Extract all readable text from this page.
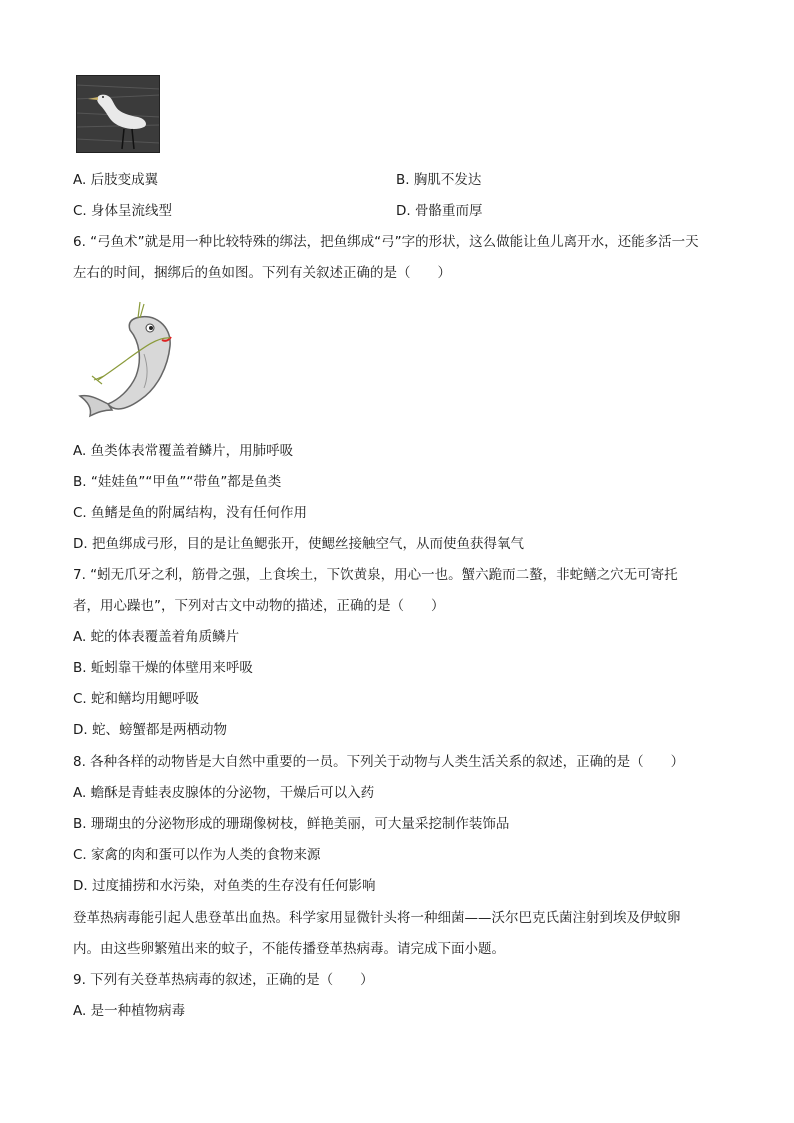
A. 后肢变成翼	B. 胸肌不发达
C. 身体呈流线型	D. 骨骼重而厚
6. “弓鱼术”就是用一种比较特殊的绑法，把鱼绑成“弓”字的形状，这么做能让鱼儿离开水，还能多活一天
左右的时间，捆绑后的鱼如图。下列有关叙述正确的是（　　）
A. 鱼类体表常覆盖着鳞片，用肺呼吸
B. “娃娃鱼”“甲鱼”“带鱼”都是鱼类
C. 鱼鳍是鱼的附属结构，没有任何作用
D. 把鱼绑成弓形，目的是让鱼鳃张开，使鳃丝接触空气，从而使鱼获得氧气
7. “蚓无爪牙之利，筋骨之强，上食埃土，下饮黄泉，用心一也。蟹六跪而二螯，非蛇鳝之穴无可寄托
者，用心躁也”，下列对古文中动物的描述，正确的是（　　）
A. 蛇的体表覆盖着角质鳞片
B. 蚯蚓靠干燥的体壁用来呼吸
C. 蛇和鳝均用鳃呼吸
D. 蛇、螃蟹都是两栖动物
8. 各种各样的动物皆是大自然中重要的一员。下列关于动物与人类生活关系的叙述，正确的是（　　）
A. 蟾酥是青蛙表皮腺体的分泌物，干燥后可以入药
B. 珊瑚虫的分泌物形成的珊瑚像树枝，鲜艳美丽，可大量采挖制作装饰品
C. 家禽的肉和蛋可以作为人类的食物来源
D. 过度捕捞和水污染，对鱼类的生存没有任何影响
登革热病毒能引起人患登革出血热。科学家用显微针头将一种细菌——沃尔巴克氏菌注射到埃及伊蚊卵
内。由这些卵繁殖出来的蚊子，不能传播登革热病毒。请完成下面小题。
9. 下列有关登革热病毒的叙述，正确的是（　　）
A. 是一种植物病毒
